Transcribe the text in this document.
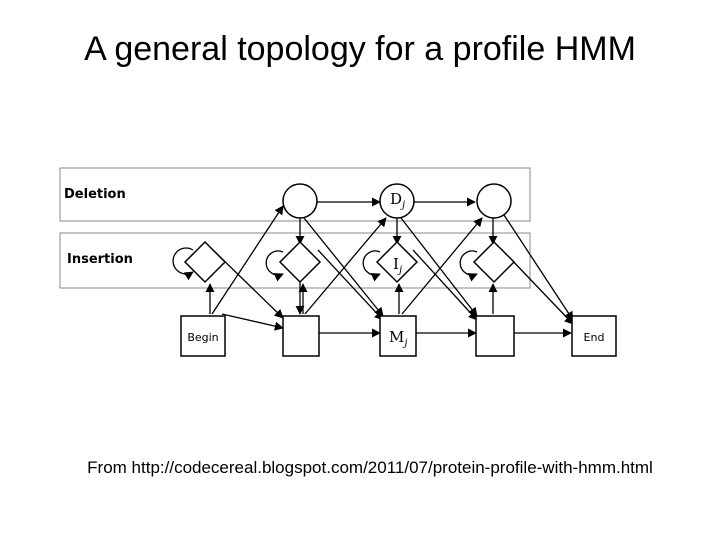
A general topology for a profile HMM
Deletion
Insertion
Begin	End
$D_j$
$I_j$
$M_j$
From http://codecereal.blogspot.com/2011/07/protein-profile-with-hmm.html
